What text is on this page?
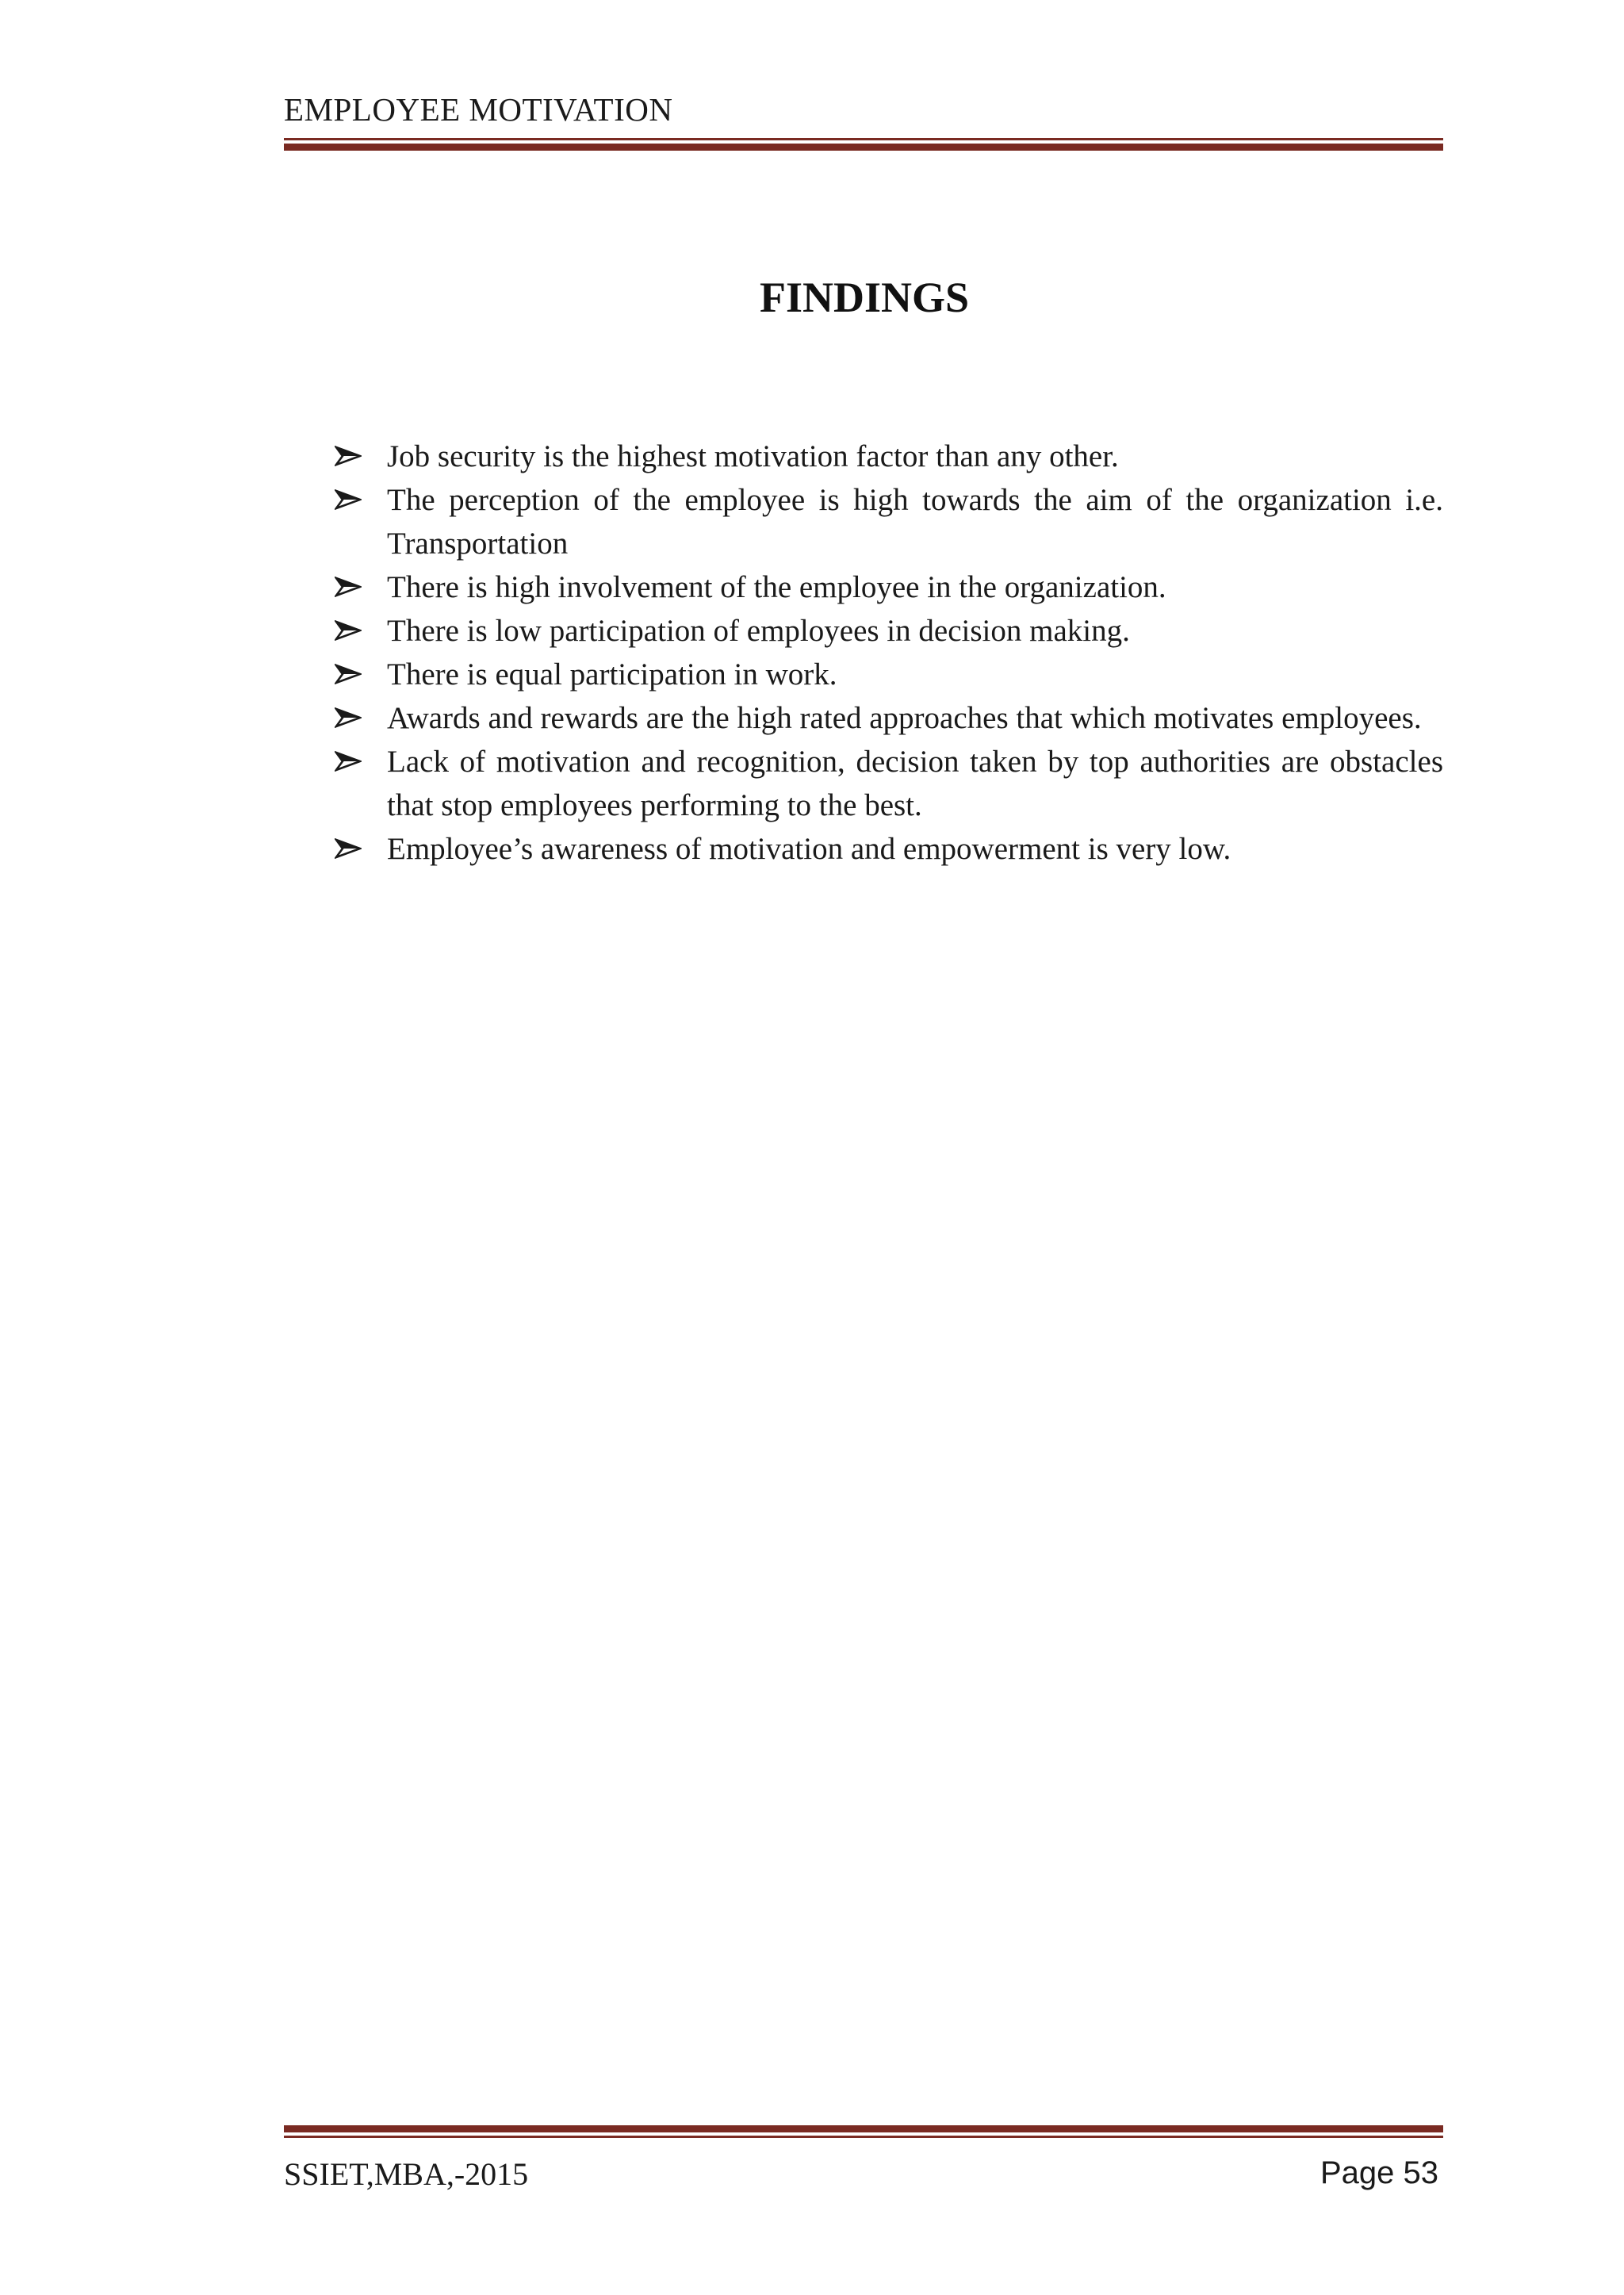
EMPLOYEE MOTIVATION
FINDINGS
Job security is the highest motivation factor than any other.
The perception of the employee is high towards the aim of the organization i.e. Transportation
There is high involvement of the employee in the organization.
There is low participation of employees in decision making.
There is equal participation in work.
Awards and rewards are the high rated approaches that which motivates employees.
Lack of motivation and recognition, decision taken by top authorities are obstacles that stop employees performing to the best.
Employee’s awareness of motivation and empowerment is very low.
SSIET,MBA,-2015	Page 53
